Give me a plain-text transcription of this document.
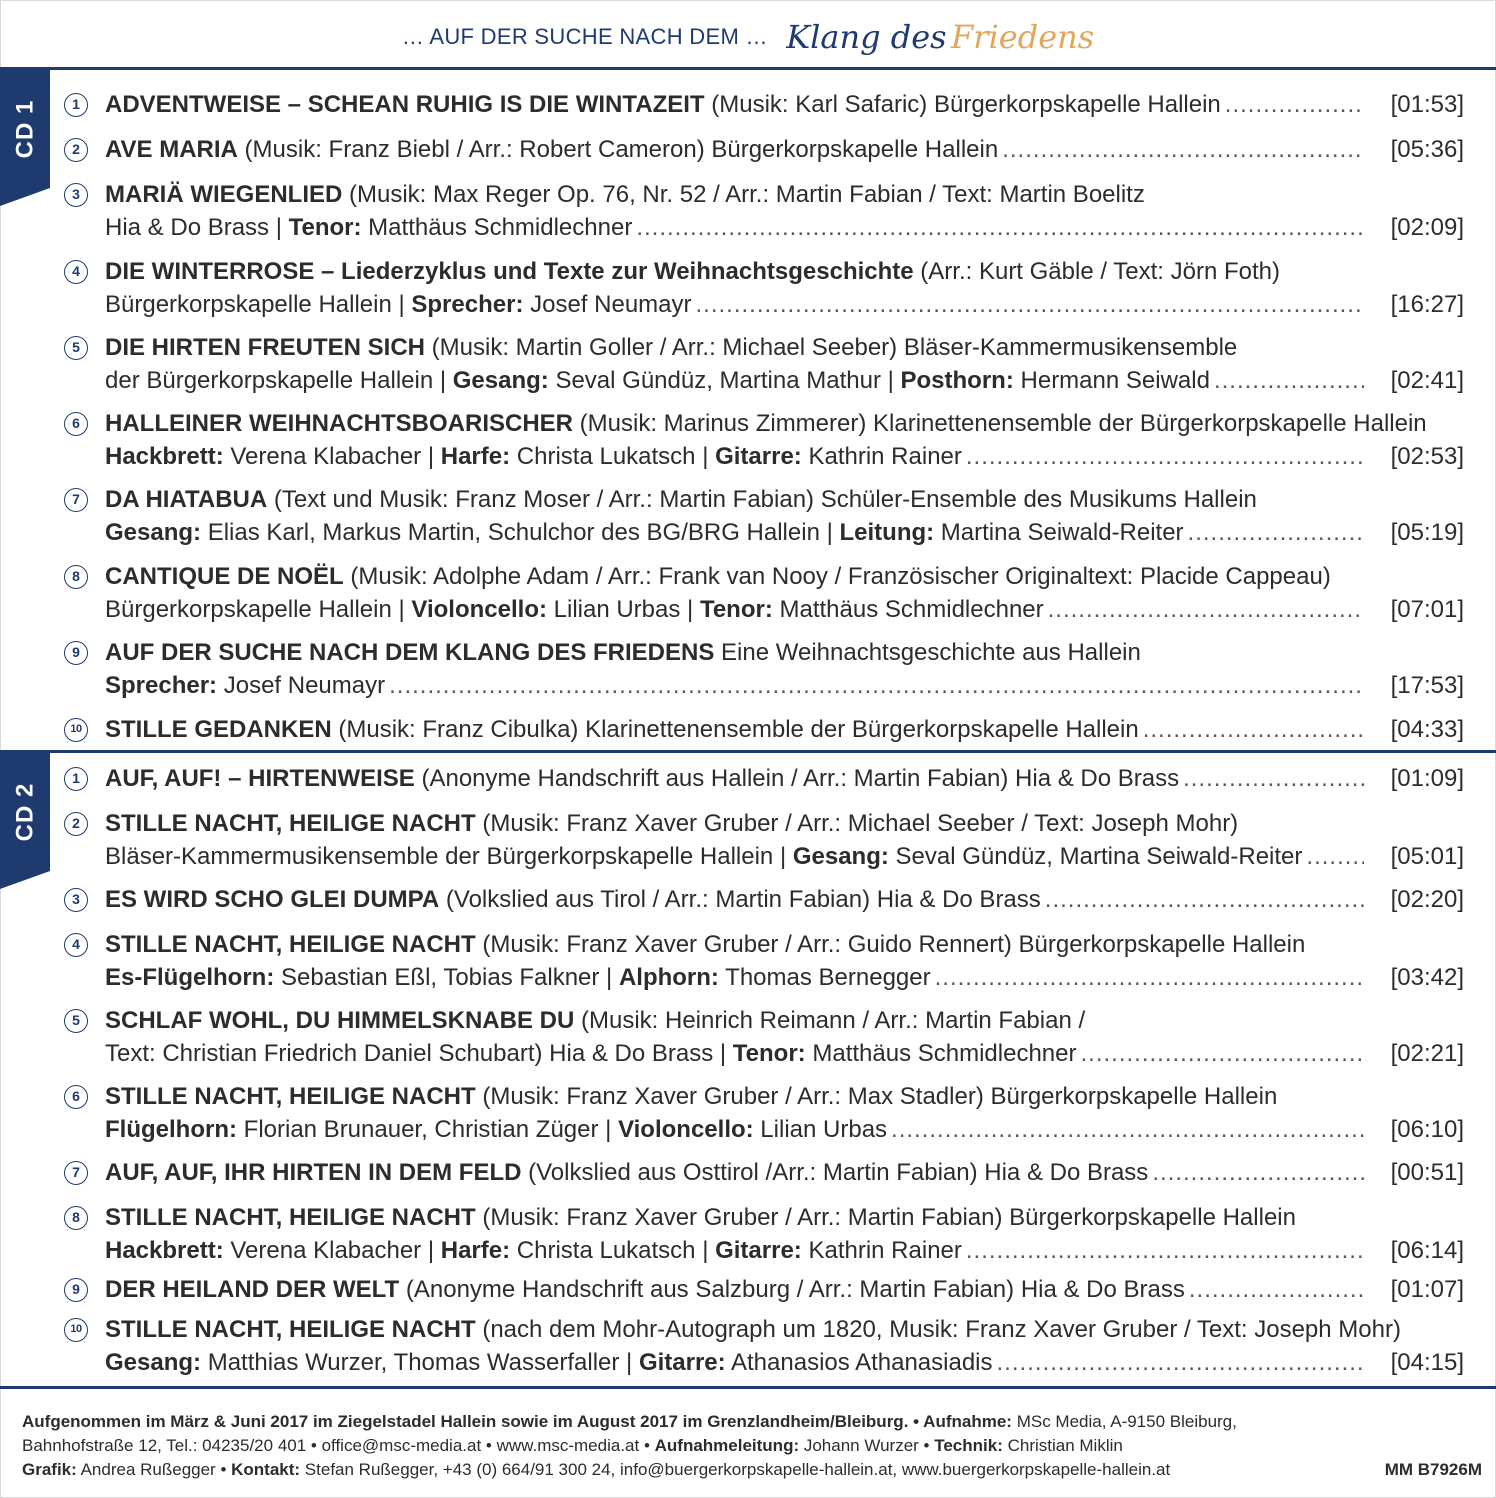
… AUF DER SUCHE NACH DEM … Klang des Friedens
CD 1	1	ADVENTWEISE – SCHEAN RUHIG IS DIE WINTAZEIT (Musik: Karl Safaric) Bürgerkorpskapelle Hallein .....	[01:53]
2	AVE MARIA (Musik: Franz Biebl / Arr.: Robert Cameron) Bürgerkorpskapelle Hallein .....	[05:36]
3	MARIÄ WIEGENLIED (Musik: Max Reger Op. 76, Nr. 52 / Arr.: Martin Fabian / Text: Martin Boelitz
Hia & Do Brass | Tenor: Matthäus Schmidlechner .....	[02:09]
4	DIE WINTERROSE – Liederzyklus und Texte zur Weihnachtsgeschichte (Arr.: Kurt Gäble / Text: Jörn Foth)
Bürgerkorpskapelle Hallein | Sprecher: Josef Neumayr .....	[16:27]
5	DIE HIRTEN FREUTEN SICH (Musik: Martin Goller / Arr.: Michael Seeber) Bläser-Kammermusikensemble
der Bürgerkorpskapelle Hallein | Gesang: Seval Gündüz, Martina Mathur | Posthorn: Hermann Seiwald .....	[02:41]
6	HALLEINER WEIHNACHTSBOARISCHER (Musik: Marinus Zimmerer) Klarinettenensemble der Bürgerkorpskapelle Hallein
Hackbrett: Verena Klabacher | Harfe: Christa Lukatsch | Gitarre: Kathrin Rainer .....	[02:53]
7	DA HIATABUA (Text und Musik: Franz Moser / Arr.: Martin Fabian) Schüler-Ensemble des Musikums Hallein
Gesang: Elias Karl, Markus Martin, Schulchor des BG/BRG Hallein | Leitung: Martina Seiwald-Reiter .....	[05:19]
8	CANTIQUE DE NOËL (Musik: Adolphe Adam / Arr.: Frank van Nooy / Französischer Originaltext: Placide Cappeau)
Bürgerkorpskapelle Hallein | Violoncello: Lilian Urbas | Tenor: Matthäus Schmidlechner .....	[07:01]
9	AUF DER SUCHE NACH DEM KLANG DES FRIEDENS Eine Weihnachtsgeschichte aus Hallein
Sprecher: Josef Neumayr .....	[17:53]
10 STILLE GEDANKEN (Musik: Franz Cibulka) Klarinettenensemble der Bürgerkorpskapelle Hallein .....	[04:33]
CD 2
1	AUF, AUF! – HIRTENWEISE (Anonyme Handschrift aus Hallein / Arr.: Martin Fabian) Hia & Do Brass .....	[01:09]
2	STILLE NACHT, HEILIGE NACHT (Musik: Franz Xaver Gruber / Arr.: Michael Seeber / Text: Joseph Mohr)
Bläser-Kammermusikensemble der Bürgerkorpskapelle Hallein | Gesang: Seval Gündüz, Martina Seiwald-Reiter .....	[05:01]
3	ES WIRD SCHO GLEI DUMPA (Volkslied aus Tirol / Arr.: Martin Fabian) Hia & Do Brass .....	[02:20]
4	STILLE NACHT, HEILIGE NACHT (Musik: Franz Xaver Gruber / Arr.: Guido Rennert) Bürgerkorpskapelle Hallein
Es-Flügelhorn: Sebastian Eßl, Tobias Falkner | Alphorn: Thomas Bernegger .....	[03:42]
5	SCHLAF WOHL, DU HIMMELSKNABE DU (Musik: Heinrich Reimann / Arr.: Martin Fabian /
Text: Christian Friedrich Daniel Schubart) Hia & Do Brass | Tenor: Matthäus Schmidlechner .....	[02:21]
6	STILLE NACHT, HEILIGE NACHT (Musik: Franz Xaver Gruber / Arr.: Max Stadler) Bürgerkorpskapelle Hallein
Flügelhorn: Florian Brunauer, Christian Züger | Violoncello: Lilian Urbas .....	[06:10]
7	AUF, AUF, IHR HIRTEN IN DEM FELD (Volkslied aus Osttirol /Arr.: Martin Fabian) Hia & Do Brass .....	[00:51]
8	STILLE NACHT, HEILIGE NACHT (Musik: Franz Xaver Gruber / Arr.: Martin Fabian) Bürgerkorpskapelle Hallein
Hackbrett: Verena Klabacher | Harfe: Christa Lukatsch | Gitarre: Kathrin Rainer .....	[06:14]
9	DER HEILAND DER WELT (Anonyme Handschrift aus Salzburg / Arr.: Martin Fabian) Hia & Do Brass .....	[01:07]
10 STILLE NACHT, HEILIGE NACHT (nach dem Mohr-Autograph um 1820, Musik: Franz Xaver Gruber / Text: Joseph Mohr)
Gesang: Matthias Wurzer, Thomas Wasserfaller | Gitarre: Athanasios Athanasiadis .....	[04:15]
Aufgenommen im März & Juni 2017 im Ziegelstadel Hallein sowie im August 2017 im Grenzlandheim/Bleiburg. • Aufnahme: MSc Media, A-9150 Bleiburg,
Bahnhofstraße 12, Tel.: 04235/20 401 • office@msc-media.at • www.msc-media.at • Aufnahmeleitung: Johann Wurzer • Technik: Christian Miklin
Grafik: Andrea Rußegger • Kontakt: Stefan Rußegger, +43 (0) 664/91 300 24, info@buergerkorpskapelle-hallein.at, www.buergerkorpskapelle-hallein.at	MM B7926M
